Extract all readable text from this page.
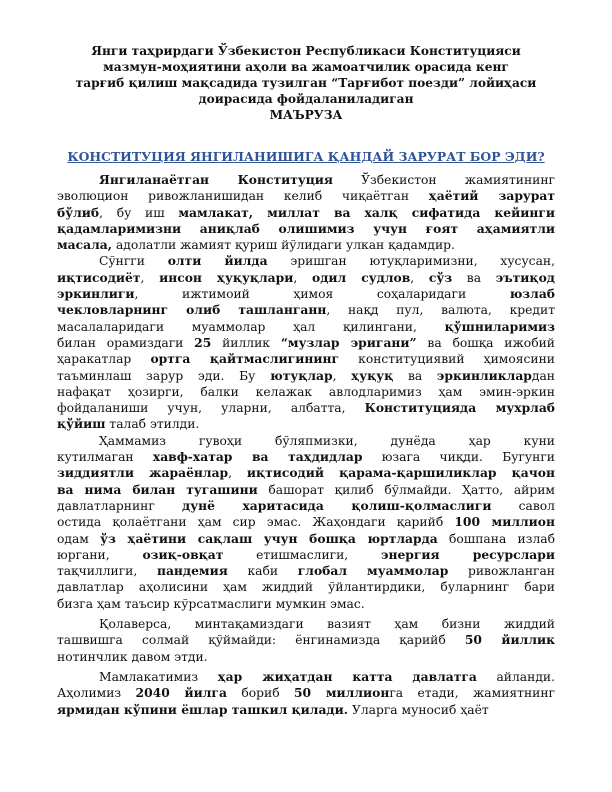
Янги таҳрирдаги Ўзбекистон Республикаси Конституцияси
мазмун-моҳиятини аҳоли ва жамоатчилик орасида кенг
тарғиб қилиш мақсадида тузилган “Тарғибот поезди” лойиҳаси
доирасида фойдаланиладиган
МАЪРУЗА
КОНСТИТУЦИЯ ЯНГИЛАНИШИГА ҚАНДАЙ ЗАРУРАТ БОР ЭДИ?
Янгиланаётган Конституция Ўзбекистон жамиятининг
эволюцион ривожланишидан келиб чиқаётган ҳаётий зарурат
бўлиб, бу иш мамлакат, миллат ва халқ сифатида кейинги
қадамларимизни аниқлаб олишимиз учун ғоят аҳамиятли
масала, адолатли жамият қуриш йўлидаги улкан қадамдир.
Сўнгги олти йилда эришган ютуқларимизни, хусусан,
иқтисодиёт, инсон ҳуқуқлари, одил судлов, сўз ва эътиқод
эркинлиги, ижтимоий ҳимоя соҳаларидаги юзлаб
чекловларнинг олиб ташланганн, нақд пул, валюта, кредит
масалаларидаги муаммолар ҳал қилингани, қўшниларимиз
билан орамиздаги 25 йиллик “музлар эригани” ва бошқа ижобий
ҳаракатлар ортга қайтмаслигининг конституциявий ҳимоясини
таъминлаш зарур эди. Бу ютуқлар, ҳуқуқ ва эркинликлардан
нафақат ҳозирги, балки келажак авлодларимиз ҳам эмин-эркин
фойдаланиши учун, уларни, албатта, Конституцияда мухрлаб
қўйиш талаб этилди.
Ҳаммамиз гувоҳи бўляпмизки, дунёда ҳар куни
кутилмаган хавф-хатар ва таҳдидлар юзага чиқди. Бугунги
зиддиятли жараёнлар, иқтисодий қарама-қаршиликлар қачон
ва нима билан тугашини башорат қилиб бўлмайди. Ҳатто, айрим
давлатларнинг дунё харитасида қолиш-қолмаслиги савол
остида қолаётгани ҳам сир эмас. Жаҳондаги қарийб 100 миллион
одам ўз ҳаётини сақлаш учун бошқа юртларда бошпана излаб
юргани, озиқ-овқат етишмаслиги, энергия ресурслари
тақчиллиги, пандемия каби глобал муаммолар ривожланган
давлатлар аҳолисини ҳам жиддий ўйлантирдики, буларнинг бари
бизга ҳам таъсир кўрсатмаслиги мумкин эмас.
Қолаверса, минтақамиздаги вазият ҳам бизни жиддий
ташвишга солмай қўймайди: ёнгинамизда қарийб 50 йиллик
нотинчлик давом этди.
Мамлакатимиз ҳар жиҳатдан катта давлатга айланди.
Аҳолимиз 2040 йилга бориб 50 миллионга етади, жамиятнинг
ярмидан кўпини ёшлар ташкил қилади. Уларга муносиб ҳаёт
